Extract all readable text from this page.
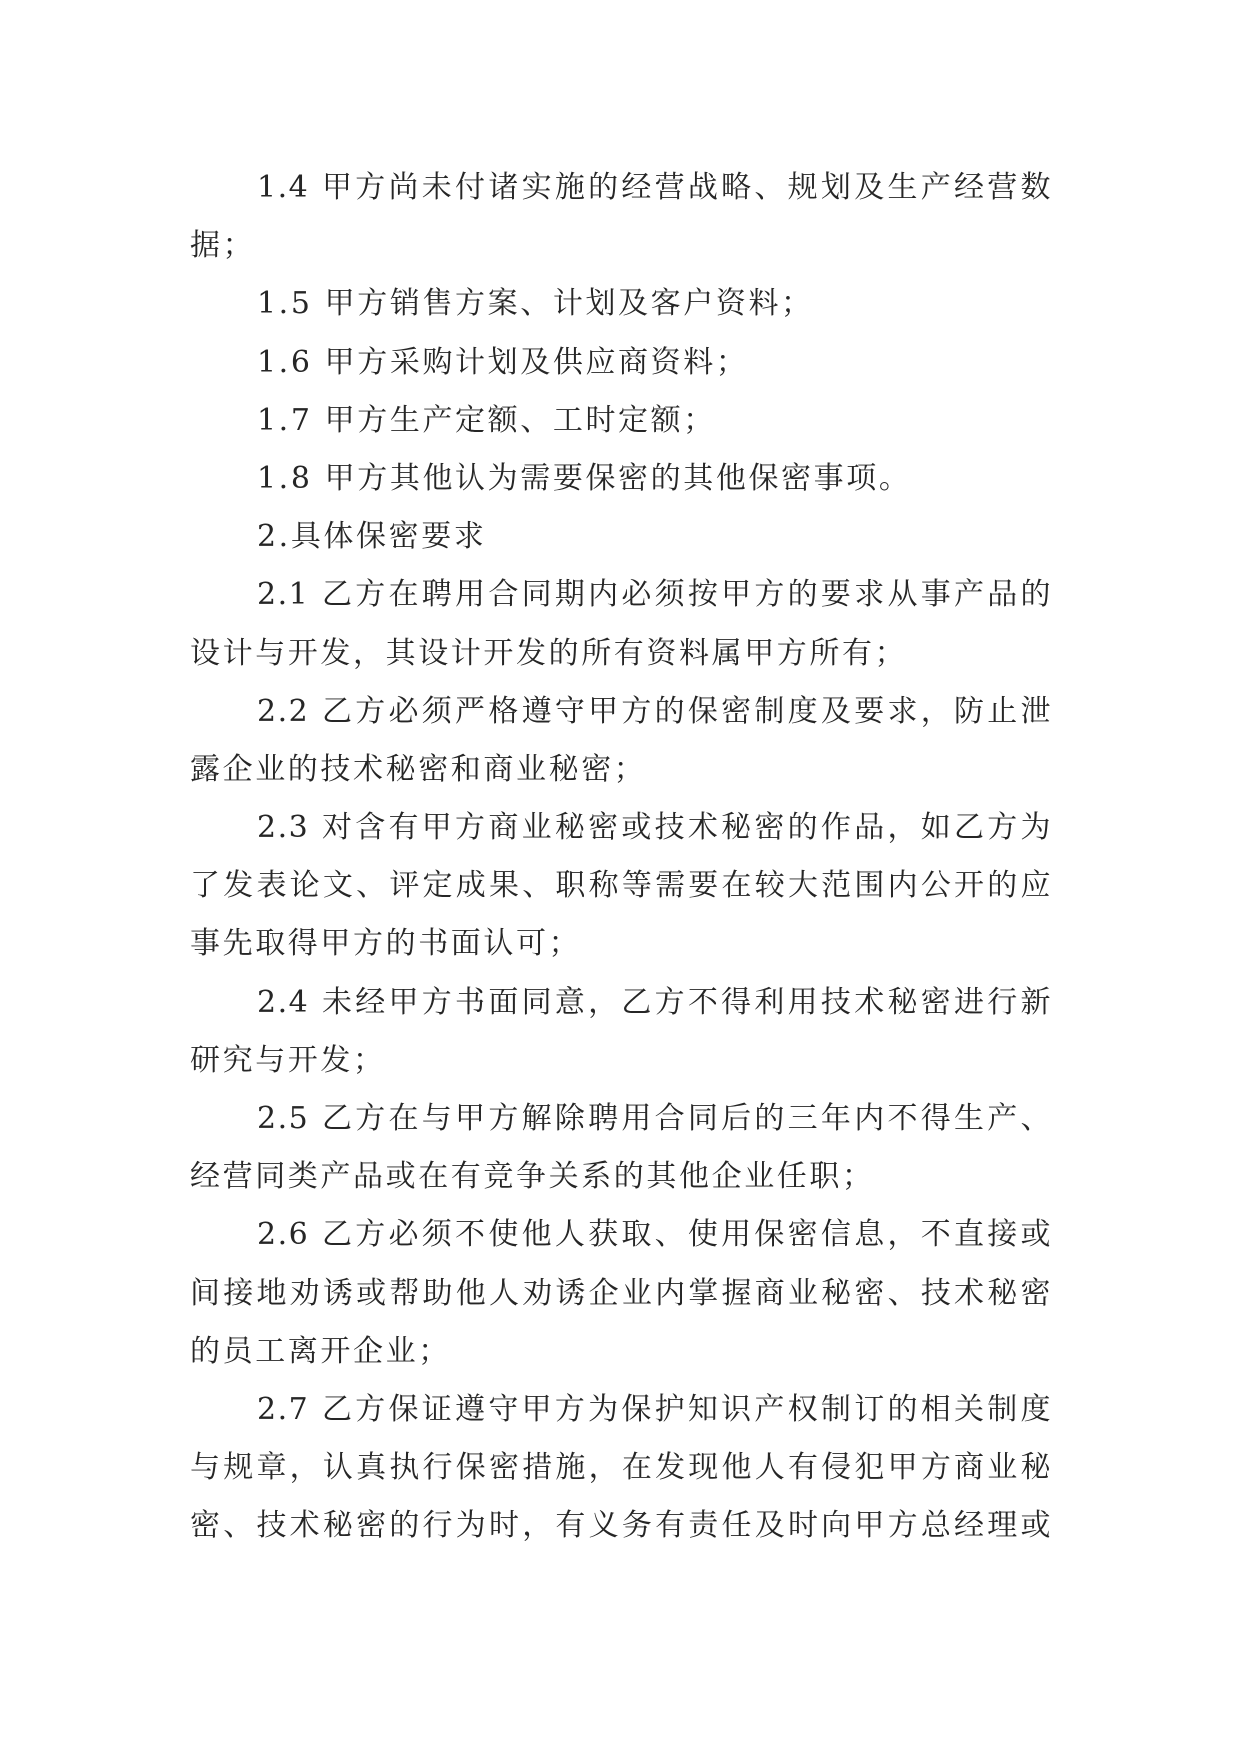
1.4 甲方尚未付诸实施的经营战略、规划及生产经营数
据；
1.5 甲方销售方案、计划及客户资料；
1.6 甲方采购计划及供应商资料；
1.7 甲方生产定额、工时定额；
1.8 甲方其他认为需要保密的其他保密事项。
2.具体保密要求
2.1 乙方在聘用合同期内必须按甲方的要求从事产品的
设计与开发，其设计开发的所有资料属甲方所有；
2.2 乙方必须严格遵守甲方的保密制度及要求，防止泄
露企业的技术秘密和商业秘密；
2.3 对含有甲方商业秘密或技术秘密的作品，如乙方为
了发表论文、评定成果、职称等需要在较大范围内公开的应
事先取得甲方的书面认可；
2.4 未经甲方书面同意，乙方不得利用技术秘密进行新
研究与开发；
2.5 乙方在与甲方解除聘用合同后的三年内不得生产、
经营同类产品或在有竞争关系的其他企业任职；
2.6 乙方必须不使他人获取、使用保密信息，不直接或
间接地劝诱或帮助他人劝诱企业内掌握商业秘密、技术秘密
的员工离开企业；
2.7 乙方保证遵守甲方为保护知识产权制订的相关制度
与规章，认真执行保密措施，在发现他人有侵犯甲方商业秘
密、技术秘密的行为时，有义务有责任及时向甲方总经理或
